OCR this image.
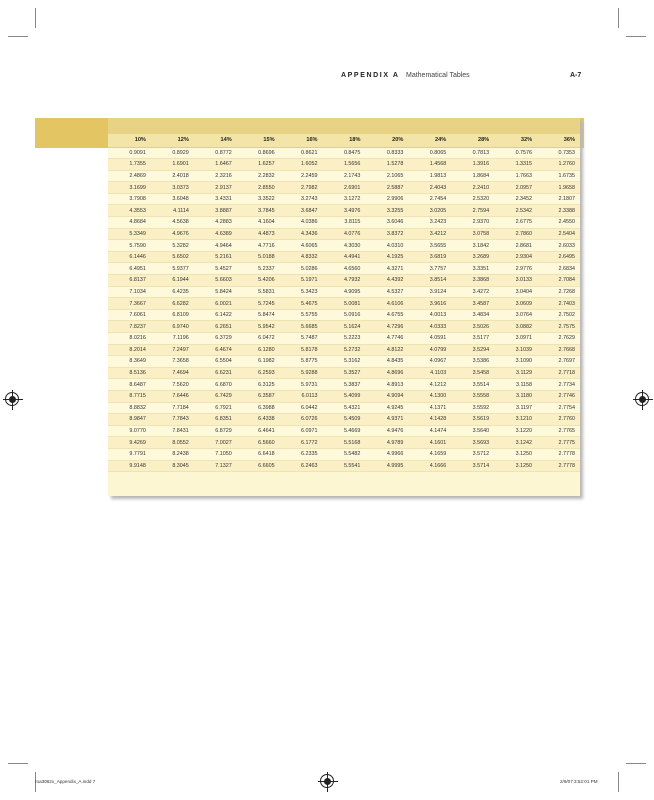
APPENDIX A Mathematical Tables	A-7
10%	12%	14%	15%	16%	18%	20%	24%	28%	32%	36%
0.9091	0.8929	0.8772	0.8696	0.8621	0.8475	0.8333	0.8065	0.7813	0.7576	0.7353
1.7355	1.6901	1.6467	1.6257	1.6052	1.5656	1.5278	1.4568	1.3916	1.3315	1.2760
2.4869	2.4018	2.3216	2.2832	2.2459	2.1743	2.1065	1.9813	1.8684	1.7663	1.6735
3.1699	3.0373	2.9137	2.8550	2.7982	2.6901	2.5887	2.4043	2.2410	2.0957	1.9658
3.7908	3.6048	3.4331	3.3522	3.2743	3.1272	2.9906	2.7454	2.5320	2.3452	2.1807
4.3553	4.1114	3.8887	3.7845	3.6847	3.4976	3.3255	3.0205	2.7594	2.5342	2.3388
4.8684	4.5638	4.2883	4.1604	4.0386	3.8115	3.6046	3.2423	2.9370	2.6775	2.4550
5.3349	4.9676	4.6389	4.4873	4.3436	4.0776	3.8372	3.4212	3.0758	2.7860	2.5404
5.7590	5.3282	4.9464	4.7716	4.6065	4.3030	4.0310	3.5655	3.1842	2.8681	2.6033
6.1446	5.6502	5.2161	5.0188	4.8332	4.4941	4.1925	3.6819	3.2689	2.9304	2.6495
6.4951	5.9377	5.4527	5.2337	5.0286	4.6560	4.3271	3.7757	3.3351	2.9776	2.6834
6.8137	6.1944	5.6603	5.4206	5.1971	4.7932	4.4392	3.8514	3.3868	3.0133	2.7084
7.1034	6.4235	5.8424	5.5831	5.3423	4.9095	4.5327	3.9124	3.4272	3.0404	2.7268
7.3667	6.6282	6.0021	5.7245	5.4675	5.0081	4.6106	3.9616	3.4587	3.0609	2.7403
7.6061	6.8109	6.1422	5.8474	5.5755	5.0916	4.6755	4.0013	3.4834	3.0764	2.7502
7.8237	6.9740	6.2651	5.9542	5.6685	5.1624	4.7296	4.0333	3.5026	3.0882	2.7575
8.0216	7.1196	6.3729	6.0472	5.7487	5.2223	4.7746	4.0591	3.5177	3.0971	2.7629
8.2014	7.2497	6.4674	6.1280	5.8178	5.2732	4.8122	4.0799	3.5294	3.1039	2.7668
8.3649	7.3658	6.5504	6.1982	5.8775	5.3162	4.8435	4.0967	3.5386	3.1090	2.7697
8.5136	7.4694	6.6231	6.2593	5.9288	5.3527	4.8696	4.1103	3.5458	3.1129	2.7718
8.6487	7.5620	6.6870	6.3125	5.9731	5.3837	4.8913	4.1212	3.5514	3.1158	2.7734
8.7715	7.6446	6.7429	6.3587	6.0113	5.4099	4.9094	4.1300	3.5558	3.1180	2.7746
8.8832	7.7184	6.7921	6.3988	6.0442	5.4321	4.9245	4.1371	3.5592	3.1197	2.7754
8.9847	7.7843	6.8351	6.4338	6.0726	5.4509	4.9371	4.1428	3.5619	3.1210	2.7760
9.0770	7.8431	6.8729	6.4641	6.0971	5.4669	4.9476	4.1474	3.5640	3.1220	2.7765
9.4269	8.0552	7.0027	6.5660	6.1772	5.5168	4.9789	4.1601	3.5693	3.1242	2.7775
9.7791	8.2438	7.1050	6.6418	6.2335	5.5482	4.9966	4.1659	3.5712	3.1250	2.7778
9.9148	8.3045	7.1327	6.6605	6.2463	5.5541	4.9995	4.1666	3.5714	3.1250	2.7778
roa3062x_Appendix_A.indd 7	2/9/07 3:52:01 PM
